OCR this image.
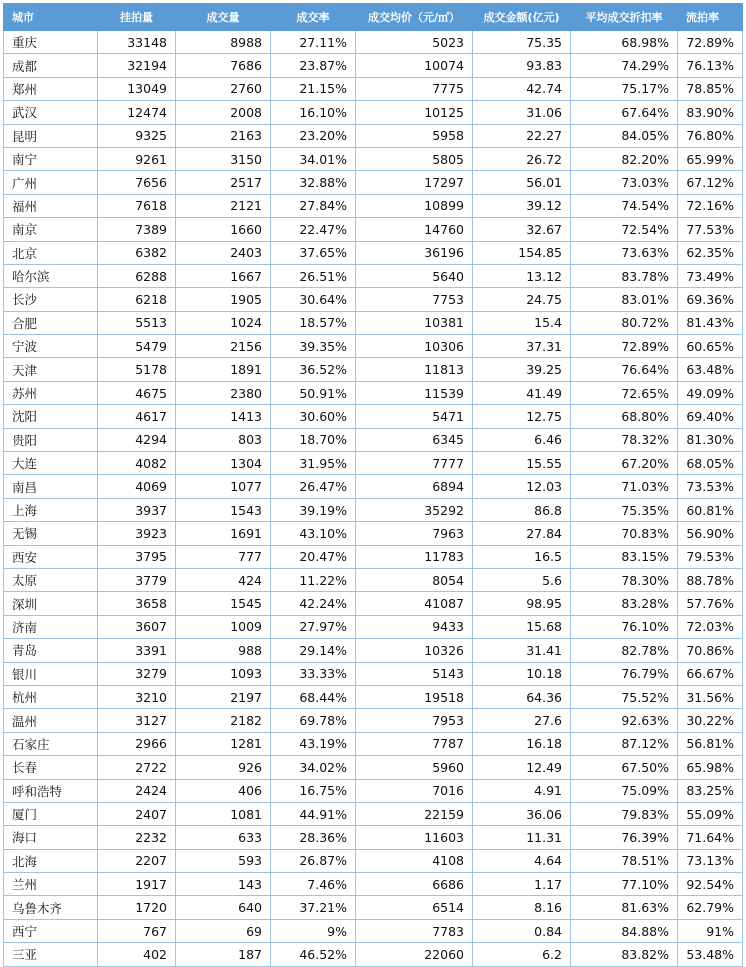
城市	挂拍量	成交量	成交率	成交均价（元/㎡）	成交金额(亿元)	平均成交折扣率	流拍率
重庆	33148	8988	27.11%	5023	75.35	68.98%	72.89%
成都	32194	7686	23.87%	10074	93.83	74.29%	76.13%
郑州	13049	2760	21.15%	7775	42.74	75.17%	78.85%
武汉	12474	2008	16.10%	10125	31.06	67.64%	83.90%
昆明	9325	2163	23.20%	5958	22.27	84.05%	76.80%
南宁	9261	3150	34.01%	5805	26.72	82.20%	65.99%
广州	7656	2517	32.88%	17297	56.01	73.03%	67.12%
福州	7618	2121	27.84%	10899	39.12	74.54%	72.16%
南京	7389	1660	22.47%	14760	32.67	72.54%	77.53%
北京	6382	2403	37.65%	36196	154.85	73.63%	62.35%
哈尔滨	6288	1667	26.51%	5640	13.12	83.78%	73.49%
长沙	6218	1905	30.64%	7753	24.75	83.01%	69.36%
合肥	5513	1024	18.57%	10381	15.4	80.72%	81.43%
宁波	5479	2156	39.35%	10306	37.31	72.89%	60.65%
天津	5178	1891	36.52%	11813	39.25	76.64%	63.48%
苏州	4675	2380	50.91%	11539	41.49	72.65%	49.09%
沈阳	4617	1413	30.60%	5471	12.75	68.80%	69.40%
贵阳	4294	803	18.70%	6345	6.46	78.32%	81.30%
大连	4082	1304	31.95%	7777	15.55	67.20%	68.05%
南昌	4069	1077	26.47%	6894	12.03	71.03%	73.53%
上海	3937	1543	39.19%	35292	86.8	75.35%	60.81%
无锡	3923	1691	43.10%	7963	27.84	70.83%	56.90%
西安	3795	777	20.47%	11783	16.5	83.15%	79.53%
太原	3779	424	11.22%	8054	5.6	78.30%	88.78%
深圳	3658	1545	42.24%	41087	98.95	83.28%	57.76%
济南	3607	1009	27.97%	9433	15.68	76.10%	72.03%
青岛	3391	988	29.14%	10326	31.41	82.78%	70.86%
银川	3279	1093	33.33%	5143	10.18	76.79%	66.67%
杭州	3210	2197	68.44%	19518	64.36	75.52%	31.56%
温州	3127	2182	69.78%	7953	27.6	92.63%	30.22%
石家庄	2966	1281	43.19%	7787	16.18	87.12%	56.81%
长春	2722	926	34.02%	5960	12.49	67.50%	65.98%
呼和浩特	2424	406	16.75%	7016	4.91	75.09%	83.25%
厦门	2407	1081	44.91%	22159	36.06	79.83%	55.09%
海口	2232	633	28.36%	11603	11.31	76.39%	71.64%
北海	2207	593	26.87%	4108	4.64	78.51%	73.13%
兰州	1917	143	7.46%	6686	1.17	77.10%	92.54%
乌鲁木齐	1720	640	37.21%	6514	8.16	81.63%	62.79%
西宁	767	69	9%	7783	0.84	84.88%	91%
三亚	402	187	46.52%	22060	6.2	83.82%	53.48%
